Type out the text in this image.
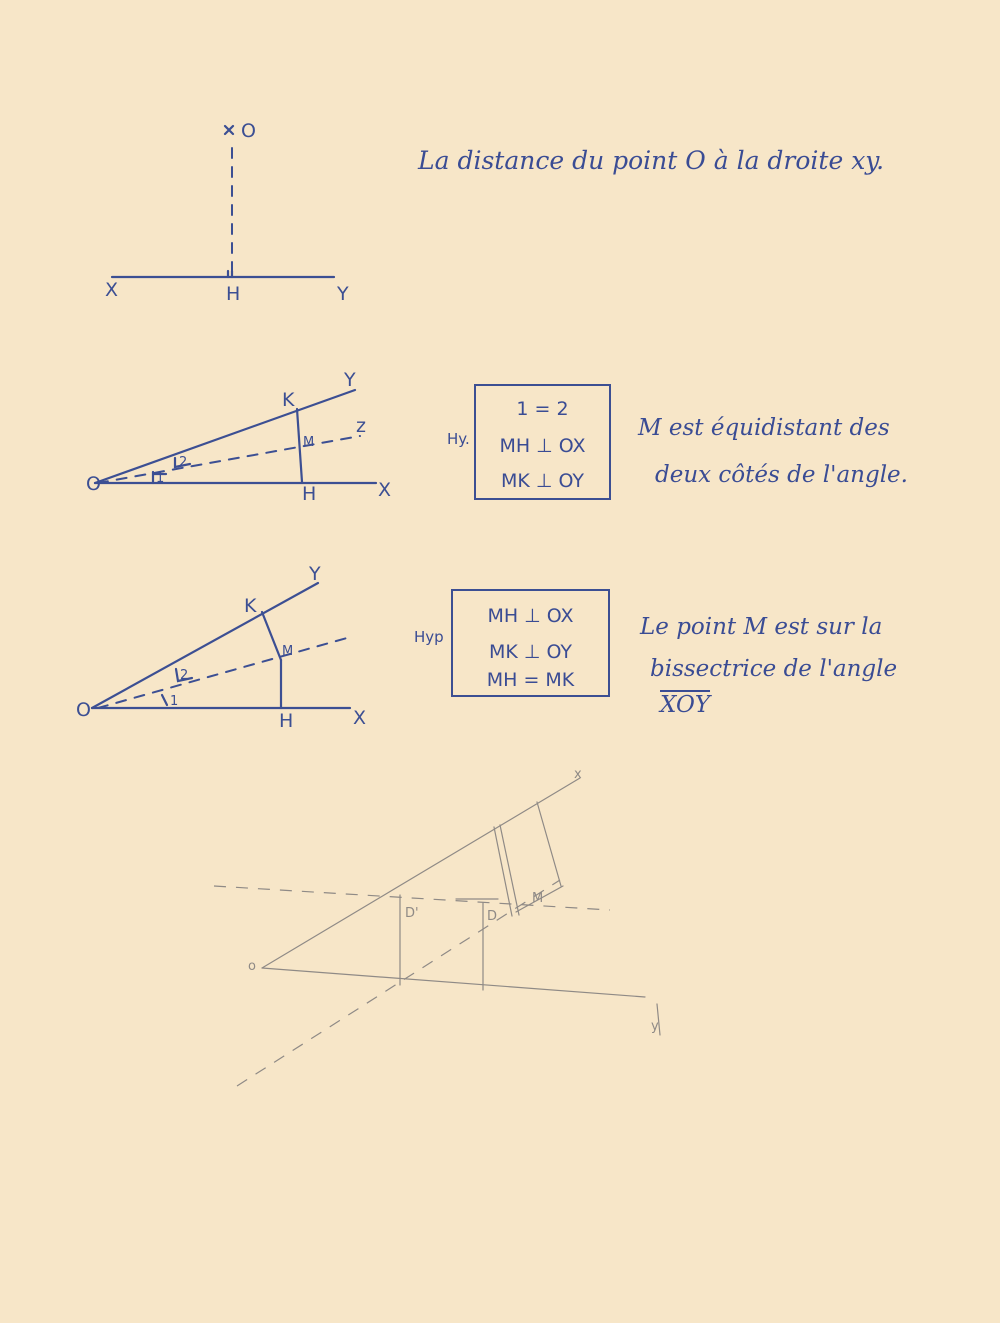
O
X	H	Y
O
K
Y
M
z
H	X
1
2
O
K
Y
M
H	X
1
2
o
x
y
D'	D
M

La distance du point O à la droite xy.

Hy.
1 = 2
MH ⊥ OX
MK ⊥ OY

M est équidistant des

deux côtés de l'angle.

Hyp
MH ⊥ OX
MK ⊥ OY
MH = MK

Le point M est sur la

bissectrice de l'angle

$\overline{XOY}$
